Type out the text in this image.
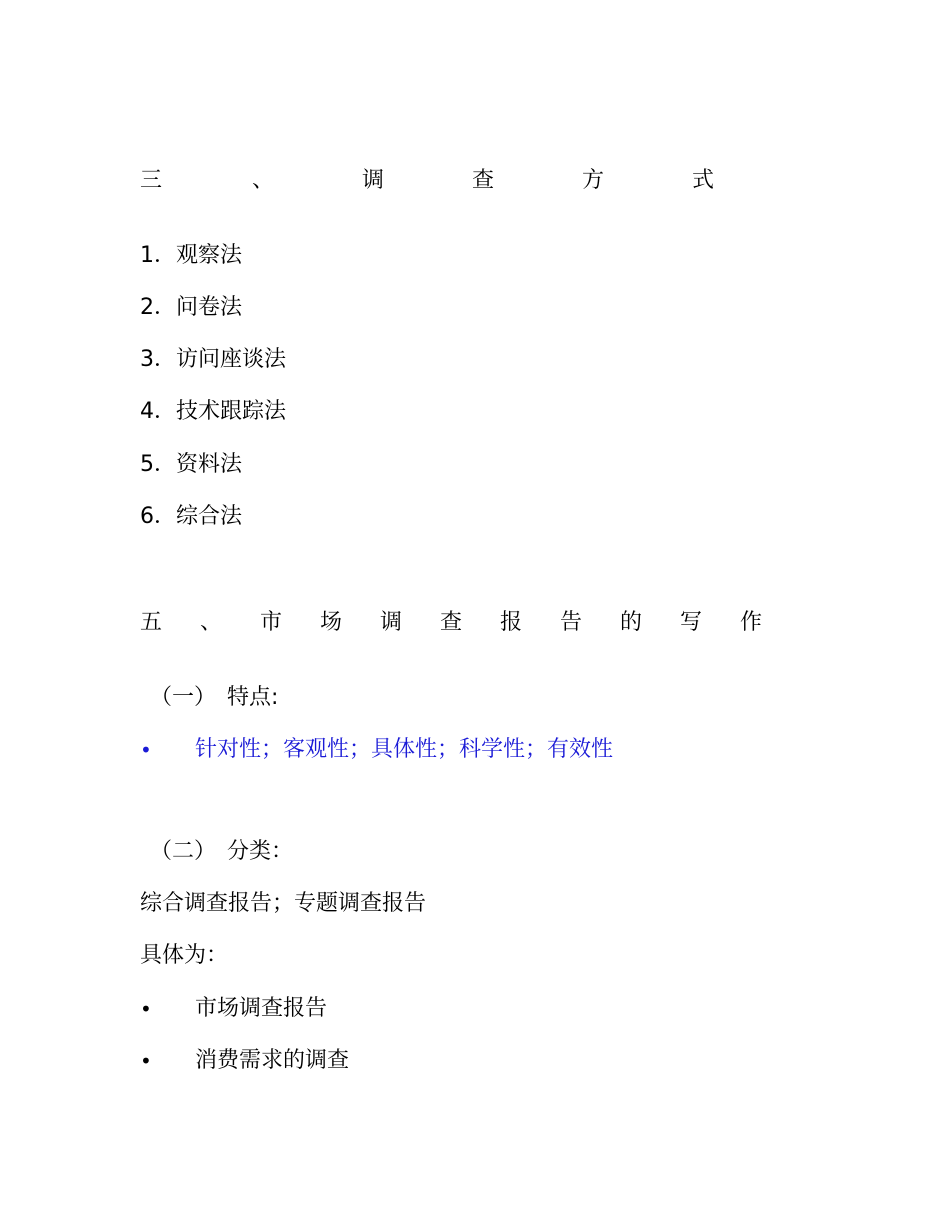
三	、	调	查	方	式
1．观察法
2．问卷法
3．访问座谈法
4．技术跟踪法
5．资料法
6．综合法
五 、 市 场 调 查 报 告 的 写 作
（一）　特点:
• 针对性；客观性；具体性；科学性；有效性
（二）　分类：
综合调查报告；专题调查报告
具体为：
• 市场调查报告
• 消费需求的调查
